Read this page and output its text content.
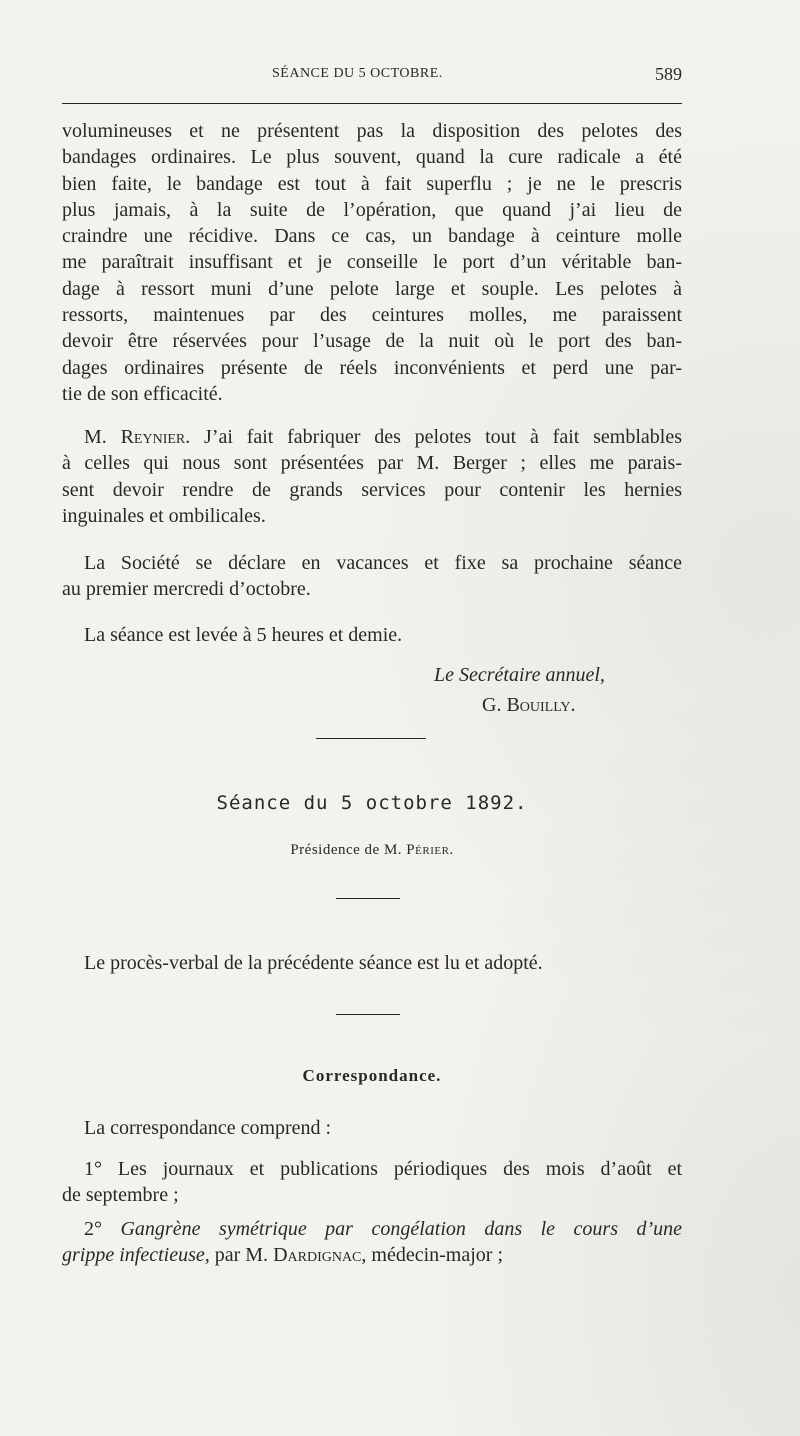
SÉANCE DU 5 OCTOBRE.	589
volumineuses et ne présentent pas la disposition des pelotes des
bandages ordinaires. Le plus souvent, quand la cure radicale a été
bien faite, le bandage est tout à fait superflu ; je ne le prescris
plus jamais, à la suite de l’opération, que quand j’ai lieu de
craindre une récidive. Dans ce cas, un bandage à ceinture molle
me paraîtrait insuffisant et je conseille le port d’un véritable ban-
dage à ressort muni d’une pelote large et souple. Les pelotes à
ressorts, maintenues par des ceintures molles, me paraissent
devoir être réservées pour l’usage de la nuit où le port des ban-
dages ordinaires présente de réels inconvénients et perd une par-
tie de son efficacité.
M. Reynier. J’ai fait fabriquer des pelotes tout à fait semblables
à celles qui nous sont présentées par M. Berger ; elles me parais-
sent devoir rendre de grands services pour contenir les hernies
inguinales et ombilicales.
La Société se déclare en vacances et fixe sa prochaine séance
au premier mercredi d’octobre.
La séance est levée à 5 heures et demie.
Le Secrétaire annuel,
G. Bouilly.
Séance du 5 octobre 1892.
Présidence de M. Périer.
Le procès-verbal de la précédente séance est lu et adopté.
Correspondance.
La correspondance comprend :
1° Les journaux et publications périodiques des mois d’août et
de septembre ;
2° Gangrène symétrique par congélation dans le cours d’une
grippe infectieuse, par M. Dardignac, médecin-major ;
